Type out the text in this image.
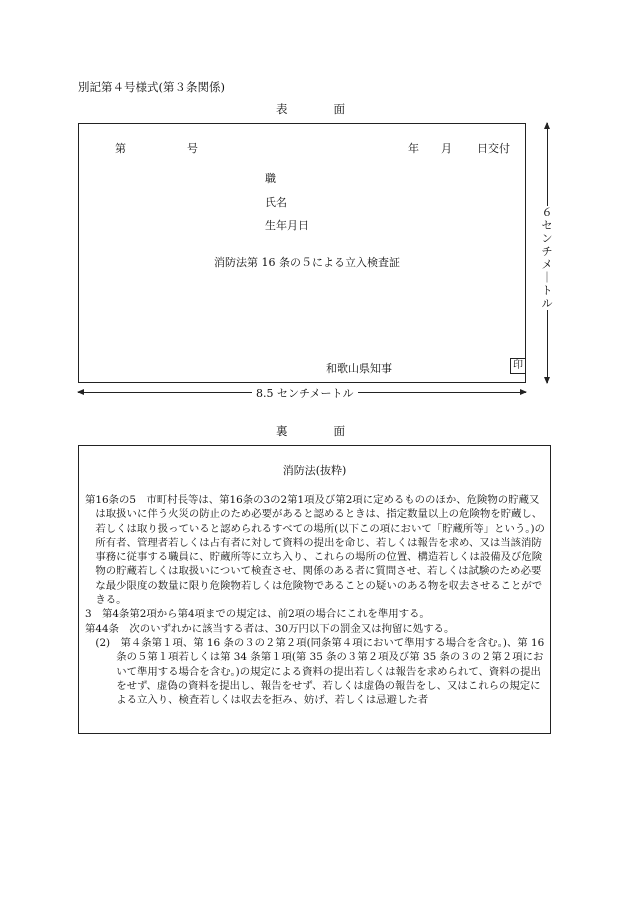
別記第４号様式(第３条関係)
表　　　　面
第	号	年 月 日交付
職
氏名
生年月日
消防法第 16 条の５による立入検査証
和歌山県知事	印
６
セ
ン
チ
メ
｜
ト
ル
8.5 センチメートル
裏　　　　面
消防法(抜粋)

第16条の5　市町村長等は、第16条の3の2第1項及び第2項に定めるもののほか、危険物の貯蔵又は取扱いに伴う火災の防止のため必要があると認めるときは、指定数量以上の危険物を貯蔵し、若しくは取り扱っていると認められるすべての場所(以下この項において「貯蔵所等」という。)の所有者、管理者若しくは占有者に対して資料の提出を命じ、若しくは報告を求め、又は当該消防事務に従事する職員に、貯蔵所等に立ち入り、これらの場所の位置、構造若しくは設備及び危険物の貯蔵若しくは取扱いについて検査させ、関係のある者に質問させ、若しくは試験のため必要な最少限度の数量に限り危険物若しくは危険物であることの疑いのある物を収去させることができる。

3　第4条第2項から第4項までの規定は、前2項の場合にこれを準用する。

第44条　次のいずれかに該当する者は、30万円以下の罰金又は拘留に処する。

(2)　第４条第１項、第 16 条の３の２第２項(同条第４項において準用する場合を含む。)、第 16 条の５第１項若しくは第 34 条第１項(第 35 条の３第２項及び第 35 条の３の２第２項において準用する場合を含む。)の規定による資料の提出若しくは報告を求められて、資料の提出をせず、虚偽の資料を提出し、報告をせず、若しくは虚偽の報告をし、又はこれらの規定による立入り、検査若しくは収去を拒み、妨げ、若しくは忌避した者
